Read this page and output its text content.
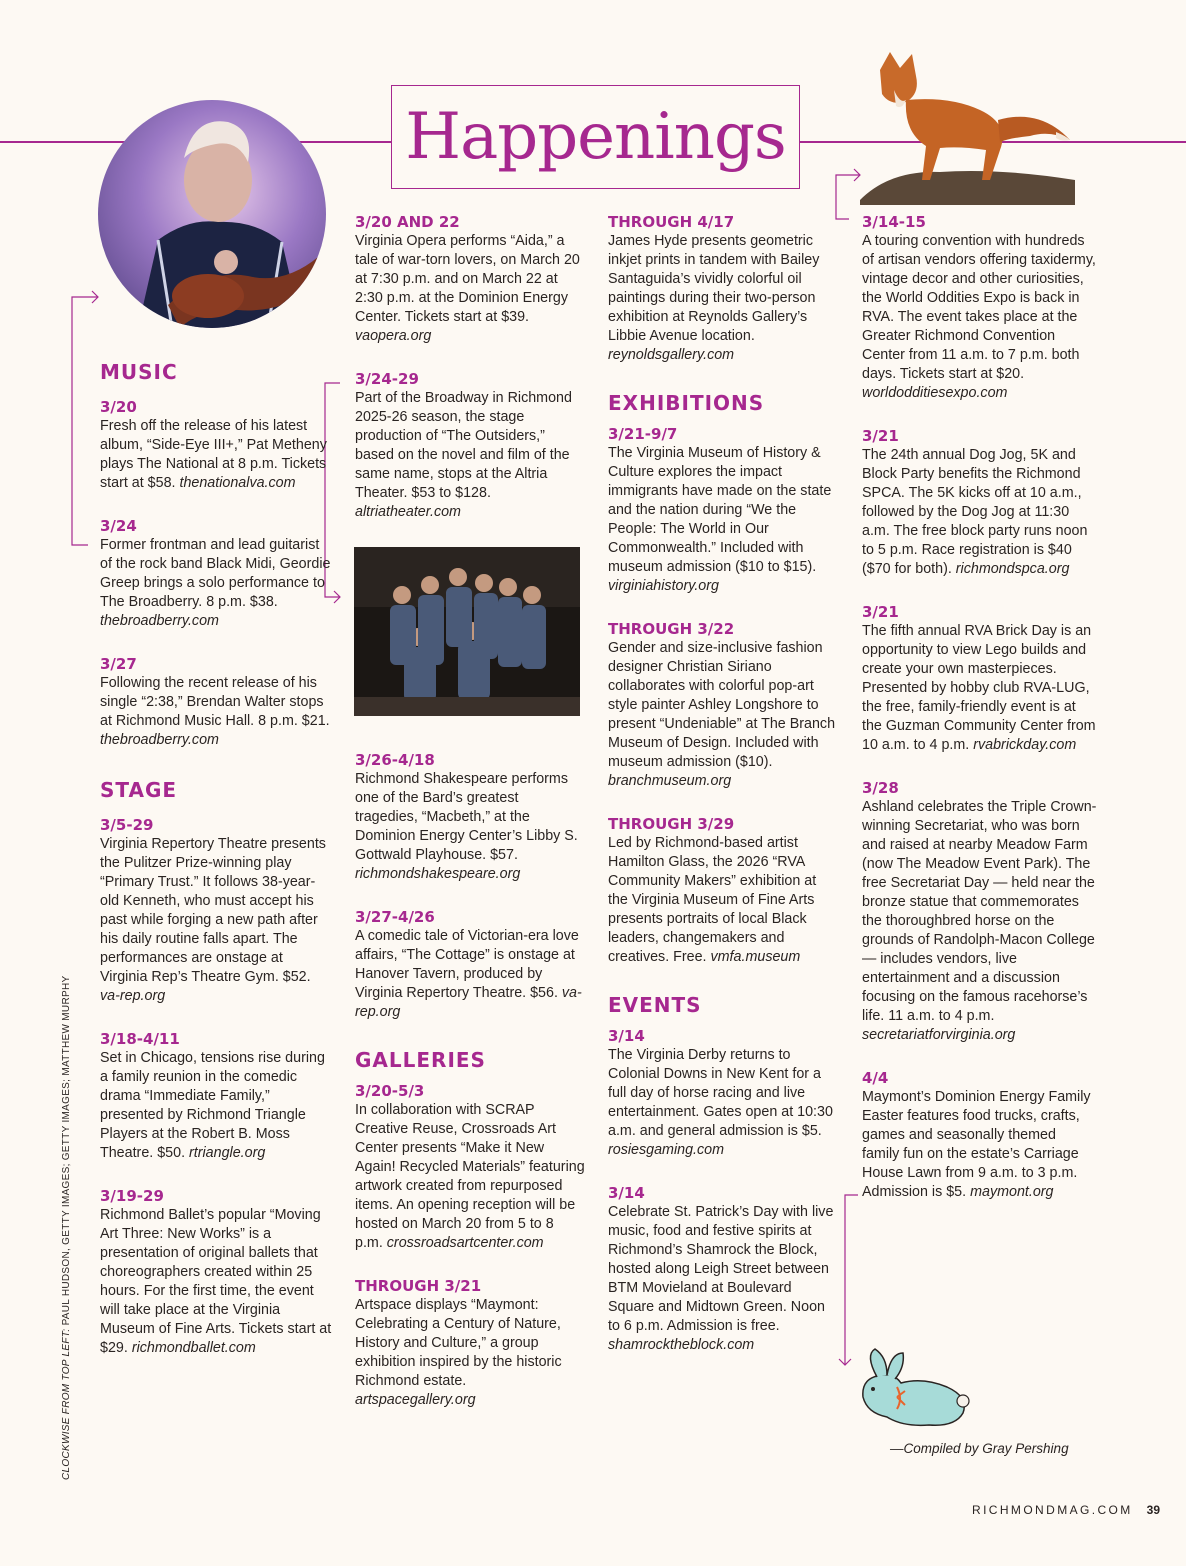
Happenings
MUSIC
3/20
Fresh off the release of his latest album, “Side-Eye III+,” Pat Metheny plays The National at 8 p.m. Tickets start at $58. thenationalva.com
3/24
Former frontman and lead guitarist of the rock band Black Midi, Geordie Greep brings a solo performance to The Broadberry. 8 p.m. $38. thebroadberry.com
3/27
Following the recent release of his single “2:38,” Brendan Walter stops at Richmond Music Hall. 8 p.m. $21. thebroadberry.com
STAGE
3/5-29
Virginia Repertory Theatre presents the Pulitzer Prize-winning play “Primary Trust.” It follows 38-year-old Kenneth, who must accept his past while forging a new path after his daily routine falls apart. The performances are onstage at Virginia Rep’s Theatre Gym. $52. va-rep.org
3/18-4/11
Set in Chicago, tensions rise during a family reunion in the comedic drama “Immediate Family,” presented by Richmond Triangle Players at the Robert B. Moss Theatre. $50. rtriangle.org
3/19-29
Richmond Ballet’s popular “Moving Art Three: New Works” is a presentation of original ballets that choreographers created within 25 hours. For the first time, the event will take place at the Virginia Museum of Fine Arts. Tickets start at $29. richmondballet.com
3/20 AND 22
Virginia Opera performs “Aida,” a tale of war-torn lovers, on March 20 at 7:30 p.m. and on March 22 at 2:30 p.m. at the Dominion Energy Center. Tickets start at $39. vaopera.org
3/24-29
Part of the Broadway in Richmond 2025-26 season, the stage production of “The Outsiders,” based on the novel and film of the same name, stops at the Altria Theater. $53 to $128. altriatheater.com
3/26-4/18
Richmond Shakespeare performs one of the Bard’s greatest tragedies, “Macbeth,” at the Dominion Energy Center’s Libby S. Gottwald Playhouse. $57. richmondshakespeare.org
3/27-4/26
A comedic tale of Victorian-era love affairs, “The Cottage” is onstage at Hanover Tavern, produced by Virginia Repertory Theatre. $56. va-rep.org
GALLERIES
3/20-5/3
In collaboration with SCRAP Creative Reuse, Crossroads Art Center presents “Make it New Again! Recycled Materials” featuring artwork created from repurposed items. An opening reception will be hosted on March 20 from 5 to 8 p.m. crossroadsartcenter.com
THROUGH 3/21
Artspace displays “Maymont: Celebrating a Century of Nature, History and Culture,” a group exhibition inspired by the historic Richmond estate. artspacegallery.org
THROUGH 4/17
James Hyde presents geometric inkjet prints in tandem with Bailey Santaguida’s vividly colorful oil paintings during their two-person exhibition at Reynolds Gallery’s Libbie Avenue location. reynoldsgallery.com
EXHIBITIONS
3/21-9/7
The Virginia Museum of History & Culture explores the impact immigrants have made on the state and the nation during “We the People: The World in Our Commonwealth.” Included with museum admission ($10 to $15). virginiahistory.org
THROUGH 3/22
Gender and size-inclusive fashion designer Christian Siriano collaborates with colorful pop-art style painter Ashley Longshore to present “Undeniable” at The Branch Museum of Design. Included with museum admission ($10). branchmuseum.org
THROUGH 3/29
Led by Richmond-based artist Hamilton Glass, the 2026 “RVA Community Makers” exhibition at the Virginia Museum of Fine Arts presents portraits of local Black leaders, changemakers and creatives. Free. vmfa.museum
EVENTS
3/14
The Virginia Derby returns to Colonial Downs in New Kent for a full day of horse racing and live entertainment. Gates open at 10:30 a.m. and general admission is $5. rosiesgaming.com
3/14
Celebrate St. Patrick’s Day with live music, food and festive spirits at Richmond’s Shamrock the Block, hosted along Leigh Street between BTM Movieland at Boulevard Square and Midtown Green. Noon to 6 p.m. Admission is free. shamrocktheblock.com
3/14-15
A touring convention with hundreds of artisan vendors offering taxidermy, vintage decor and other curiosities, the World Oddities Expo is back in RVA. The event takes place at the Greater Richmond Convention Center from 11 a.m. to 7 p.m. both days. Tickets start at $20. worldodditiesexpo.com
3/21
The 24th annual Dog Jog, 5K and Block Party benefits the Richmond SPCA. The 5K kicks off at 10 a.m., followed by the Dog Jog at 11:30 a.m. The free block party runs noon to 5 p.m. Race registration is $40 ($70 for both). richmondspca.org
3/21
The fifth annual RVA Brick Day is an opportunity to view Lego builds and create your own masterpieces. Presented by hobby club RVA-LUG, the free, family-friendly event is at the Guzman Community Center from 10 a.m. to 4 p.m. rvabrickday.com
3/28
Ashland celebrates the Triple Crown-winning Secretariat, who was born and raised at nearby Meadow Farm (now The Meadow Event Park). The free Secretariat Day — held near the bronze statue that commemorates the thoroughbred horse on the grounds of Randolph-Macon College — includes vendors, live entertainment and a discussion focusing on the famous racehorse’s life. 11 a.m. to 4 p.m. secretariatforvirginia.org
4/4
Maymont’s Dominion Energy Family Easter features food trucks, crafts, games and seasonally themed family fun on the estate’s Carriage House Lawn from 9 a.m. to 3 p.m. Admission is $5. maymont.org
CLOCKWISE FROM TOP LEFT: PAUL HUDSON, GETTY IMAGES; GETTY IMAGES; MATTHEW MURPHY
—Compiled by Gray Pershing
RICHMONDMAG.COM 39
